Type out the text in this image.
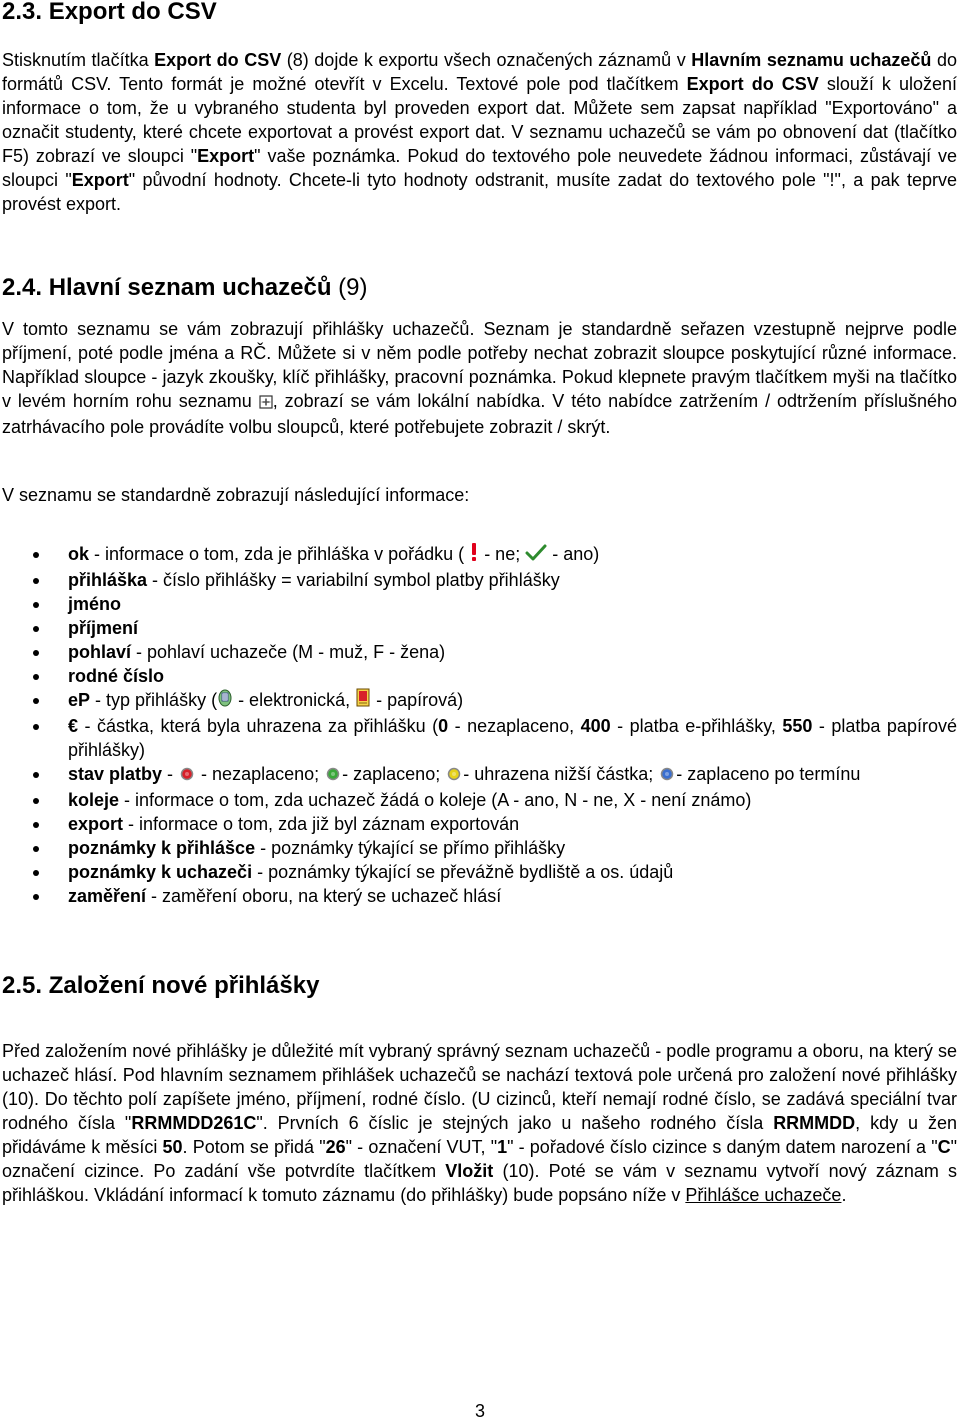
2.3. Export do CSV

Stisknutím tlačítka Export do CSV (8) dojde k exportu všech označených záznamů v Hlavním seznamu uchazečů do formátů CSV. Tento formát je možné otevřít v Excelu. Textové pole pod tlačítkem Export do CSV slouží k uložení informace o tom, že u vybraného studenta byl proveden export dat. Můžete sem zapsat například "Exportováno" a označit studenty, které chcete exportovat a provést export dat. V seznamu uchazečů se vám po obnovení dat (tlačítko F5) zobrazí ve sloupci "Export" vaše poznámka. Pokud do textového pole neuvedete žádnou informaci, zůstávají ve sloupci "Export" původní hodnoty. Chcete-li tyto hodnoty odstranit, musíte zadat do textového pole "!", a pak teprve provést export.

2.4. Hlavní seznam uchazečů (9)

V tomto seznamu se vám zobrazují přihlášky uchazečů. Seznam je standardně seřazen vzestupně nejprve podle příjmení, poté podle jména a RČ. Můžete si v něm podle potřeby nechat zobrazit sloupce poskytující různé informace. Například sloupce - jazyk zkoušky, klíč přihlášky, pracovní poznámka. Pokud klepnete pravým tlačítkem myši na tlačítko v levém horním rohu seznamu , zobrazí se vám lokální nabídka. V této nabídce zatržením / odtržením příslušného zatrhávacího pole provádíte volbu sloupců, které potřebujete zobrazit / skrýt.

V seznamu se standardně zobrazují následující informace:

ok - informace o tom, zda je přihláška v pořádku (  - ne;  - ano)
přihláška - číslo přihlášky = variabilní symbol platby přihlášky
jméno
příjmení
pohlaví - pohlaví uchazeče (M - muž, F - žena)
rodné číslo
eP - typ přihlášky ( - elektronická,  - papírová)
€ - částka, která byla uhrazena za přihlášku (0 - nezaplaceno, 400 - platba e-přihlášky, 550 - platba papírové přihlášky)
stav platby -  - nezaplaceno; - zaplaceno; - uhrazena nižší částka; - zaplaceno po termínu
koleje - informace o tom, zda uchazeč žádá o koleje (A - ano, N - ne, X - není známo)
export - informace o tom, zda již byl záznam exportován
poznámky k přihlášce - poznámky týkající se přímo přihlášky
poznámky k uchazeči - poznámky týkající se převážně bydliště a os. údajů
zaměření - zaměření oboru, na který se uchazeč hlásí
2.5. Založení nové přihlášky

Před založením nové přihlášky je důležité mít vybraný správný seznam uchazečů - podle programu a oboru, na který se uchazeč hlásí. Pod hlavním seznamem přihlášek uchazečů se nachází textová pole určená pro založení nové přihlášky (10). Do těchto polí zapíšete jméno, příjmení, rodné číslo. (U cizinců, kteří nemají rodné číslo, se zadává speciální tvar rodného čísla "RRMMDD261C". Prvních 6 číslic je stejných jako u našeho rodného čísla RRMMDD, kdy u žen přidáváme k měsíci 50. Potom se přidá "26" - označení VUT, "1" - pořadové číslo cizince s daným datem narození a "C" označení cizince. Po zadání vše potvrdíte tlačítkem Vložit (10). Poté se vám v seznamu vytvoří nový záznam s přihláškou. Vkládání informací k tomuto záznamu (do přihlášky) bude popsáno níže v Přihlášce uchazeče.

3
